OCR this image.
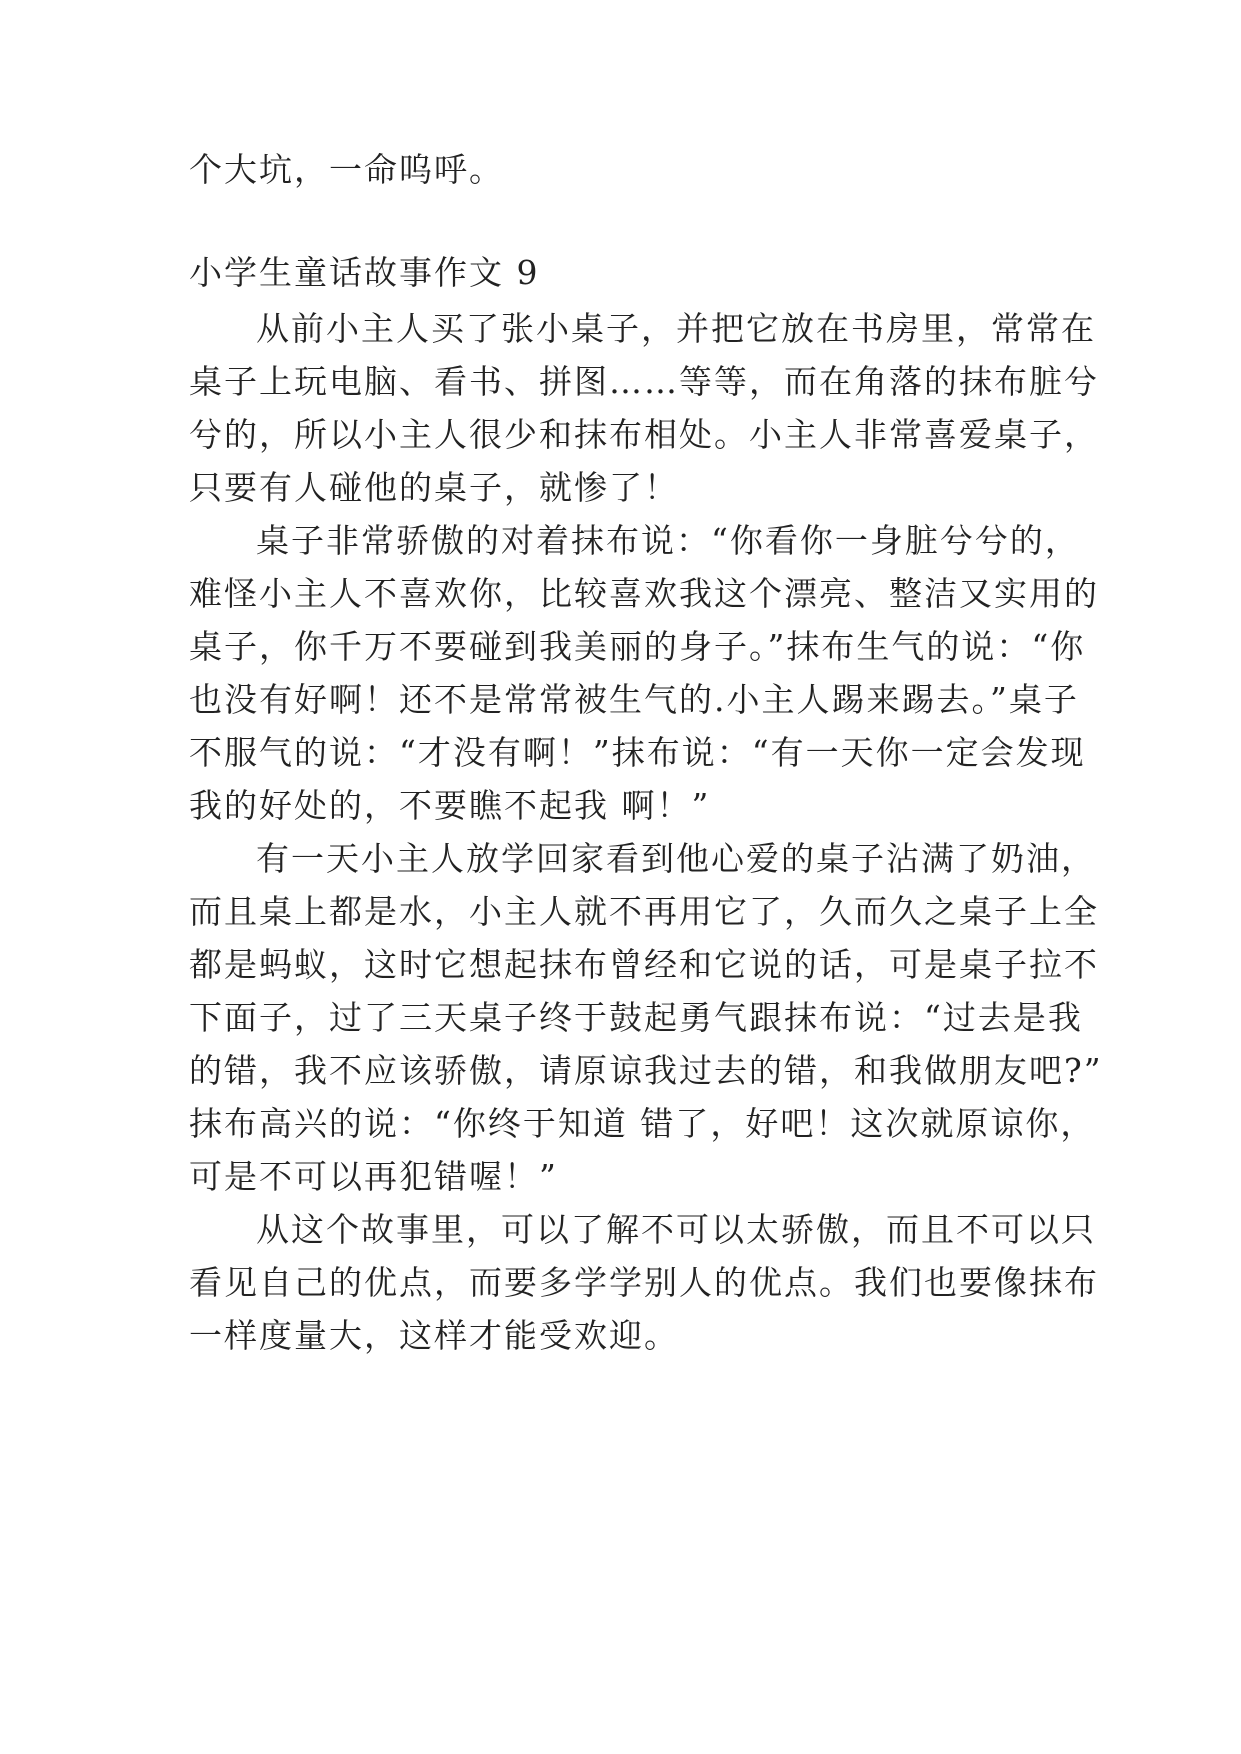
个大坑，一命呜呼。
小学生童话故事作文 9
从前小主人买了张小桌子，并把它放在书房里，常常在
桌子上玩电脑、看书、拼图……等等，而在角落的抹布脏兮
兮的，所以小主人很少和抹布相处。小主人非常喜爱桌子，
只要有人碰他的桌子，就惨了！
桌子非常骄傲的对着抹布说：“你看你一身脏兮兮的，
难怪小主人不喜欢你，比较喜欢我这个漂亮、整洁又实用的
桌子，你千万不要碰到我美丽的身子。”抹布生气的说：“你
也没有好啊！还不是常常被生气的.小主人踢来踢去。”桌子
不服气的说：“才没有啊！”抹布说：“有一天你一定会发现
我的好处的，不要瞧不起我 啊！”
有一天小主人放学回家看到他心爱的桌子沾满了奶油，
而且桌上都是水，小主人就不再用它了，久而久之桌子上全
都是蚂蚁，这时它想起抹布曾经和它说的话，可是桌子拉不
下面子，过了三天桌子终于鼓起勇气跟抹布说：“过去是我
的错，我不应该骄傲，请原谅我过去的错，和我做朋友吧?”
抹布高兴的说：“你终于知道 错了，好吧！这次就原谅你，
可是不可以再犯错喔！”
从这个故事里，可以了解不可以太骄傲，而且不可以只
看见自己的优点，而要多学学别人的优点。我们也要像抹布
一样度量大，这样才能受欢迎。
